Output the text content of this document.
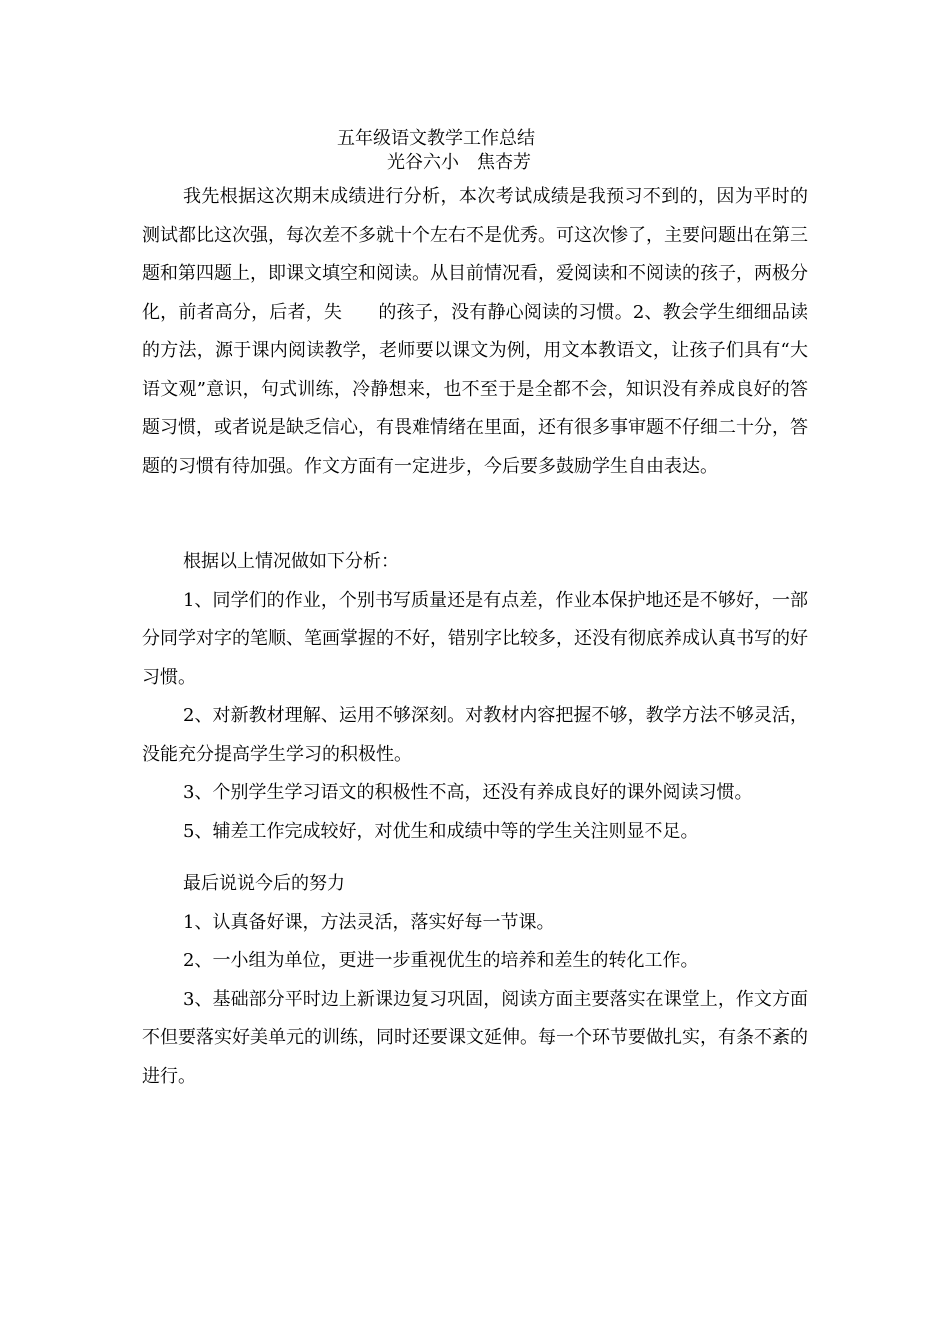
五年级语文教学工作总结
光谷六小　焦杏芳

我先根据这次期末成绩进行分析，本次考试成绩是我预习不到的，因为平时的测试都比这次强，每次差不多就十个左右不是优秀。可这次惨了，主要问题出在第三题和第四题上，即课文填空和阅读。从目前情况看，爱阅读和不阅读的孩子，两极分化，前者高分，后者，失　　的孩子，没有静心阅读的习惯。2、教会学生细细品读的方法，源于课内阅读教学，老师要以课文为例，用文本教语文，让孩子们具有“大语文观”意识，句式训练，冷静想来，也不至于是全都不会，知识没有养成良好的答题习惯，或者说是缺乏信心，有畏难情绪在里面，还有很多事审题不仔细二十分，答题的习惯有待加强。作文方面有一定进步，今后要多鼓励学生自由表达。

根据以上情况做如下分析：

1、同学们的作业，个别书写质量还是有点差，作业本保护地还是不够好，一部分同学对字的笔顺、笔画掌握的不好，错别字比较多，还没有彻底养成认真书写的好习惯。

2、对新教材理解、运用不够深刻。对教材内容把握不够，教学方法不够灵活，没能充分提高学生学习的积极性。

3、个别学生学习语文的积极性不高，还没有养成良好的课外阅读习惯。

5、辅差工作完成较好，对优生和成绩中等的学生关注则显不足。

最后说说今后的努力

1、认真备好课，方法灵活，落实好每一节课。

2、一小组为单位，更进一步重视优生的培养和差生的转化工作。

3、基础部分平时边上新课边复习巩固，阅读方面主要落实在课堂上，作文方面不但要落实好美单元的训练，同时还要课文延伸。每一个环节要做扎实，有条不紊的进行。
